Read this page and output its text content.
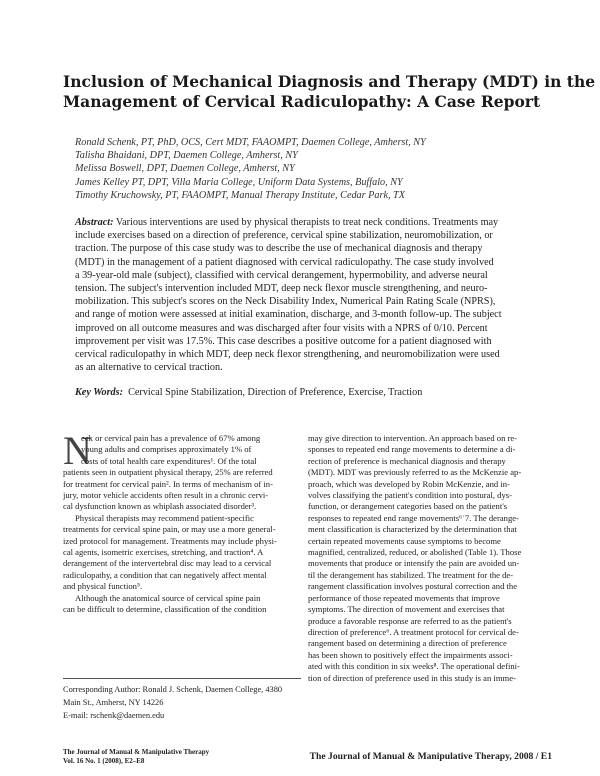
Inclusion of Mechanical Diagnosis and Therapy (MDT) in the
Management of Cervical Radiculopathy: A Case Report
Ronald Schenk, PT, PhD, OCS, Cert MDT, FAAOMPT, Daemen College, Amherst, NY
Talisha Bhaidani, DPT, Daemen College, Amherst, NY
Melissa Boswell, DPT, Daemen College, Amherst, NY
James Kelley PT, DPT, Villa Maria College, Uniform Data Systems, Buffalo, NY
Timothy Kruchowsky, PT, FAAOMPT, Manual Therapy Institute, Cedar Park, TX
Abstract: Various interventions are used by physical therapists to treat neck conditions. Treatments may
include exercises based on a direction of preference, cervical spine stabilization, neuromobilization, or
traction. The purpose of this case study was to describe the use of mechanical diagnosis and therapy
(MDT) in the management of a patient diagnosed with cervical radiculopathy. The case study involved
a 39-year-old male (subject), classified with cervical derangement, hypermobility, and adverse neural
tension. The subject's intervention included MDT, deep neck flexor muscle strengthening, and neuro-
mobilization. This subject's scores on the Neck Disability Index, Numerical Pain Rating Scale (NPRS),
and range of motion were assessed at initial examination, discharge, and 3-month follow-up. The subject
improved on all outcome measures and was discharged after four visits with a NPRS of 0/10. Percent
improvement per visit was 17.5%. This case describes a positive outcome for a patient diagnosed with
cervical radiculopathy in which MDT, deep neck flexor strengthening, and neuromobilization were used
as an alternative to cervical traction.
Key Words: Cervical Spine Stabilization, Direction of Preference, Exercise, Traction
N
eck or cervical pain has a prevalence of 67% among
young adults and comprises approximately 1% of
costs of total health care expenditures¹. Of the total
patients seen in outpatient physical therapy, 25% are referred
for treatment for cervical pain². In terms of mechanism of in-
jury, motor vehicle accidents often result in a chronic cervi-
cal dysfunction known as whiplash associated disorder³.
Physical therapists may recommend patient-specific
treatments for cervical spine pain, or may use a more general-
ized protocol for management. Treatments may include physi-
cal agents, isometric exercises, stretching, and traction⁴. A
derangement of the intervertebral disc may lead to a cervical
radiculopathy, a condition that can negatively affect mental
and physical function⁵.
Although the anatomical source of cervical spine pain
can be difficult to determine, classification of the condition
may give direction to intervention. An approach based on re-
sponses to repeated end range movements to determine a di-
rection of preference is mechanical diagnosis and therapy
(MDT). MDT was previously referred to as the McKenzie ap-
proach, which was developed by Robin McKenzie, and in-
volves classifying the patient's condition into postural, dys-
function, or derangement categories based on the patient's
responses to repeated end range movements⁶˙7. The derange-
ment classification is characterized by the determination that
certain repeated movements cause symptoms to become
magnified, centralized, reduced, or abolished (Table 1). Those
movements that produce or intensify the pain are avoided un-
til the derangement has stabilized. The treatment for the de-
rangement classification involves postural correction and the
performance of those repeated movements that improve
symptoms. The direction of movement and exercises that
produce a favorable response are referred to as the patient's
direction of preference⁶. A treatment protocol for cervical de-
rangement based on determining a direction of preference
has been shown to positively effect the impairments associ-
ated with this condition in six weeks⁸. The operational defini-
tion of direction of preference used in this study is an imme-
Corresponding Author: Ronald J. Schenk, Daemen College, 4380
Main St., Amherst, NY 14226
E-mail: rschenk@daemen.edu
The Journal of Manual & Manipulative Therapy
Vol. 16 No. 1 (2008), E2–E8	The Journal of Manual & Manipulative Therapy, 2008 / E1
